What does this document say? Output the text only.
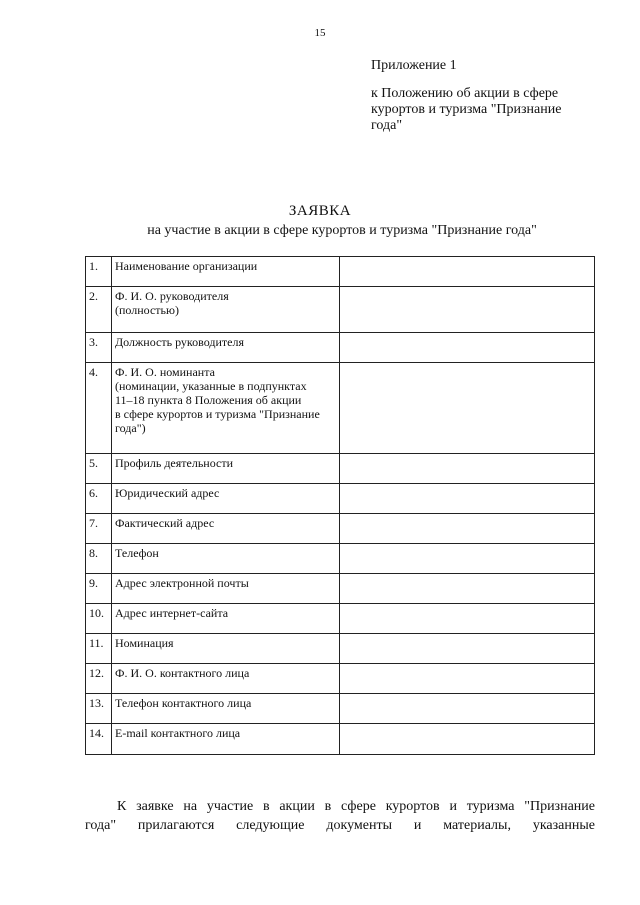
15
Приложение 1
к Положению об акции в сфере
курортов и туризма "Признание
года"
ЗАЯВКА
на участие в акции в сфере курортов и туризма "Признание года"
1.	Наименование организации	

2.	Ф. И. О. руководителя
(полностью)	

3.	Должность руководителя	

4.	Ф. И. О. номинанта
(номинации, указанные в подпунктах
11–18 пункта 8 Положения об акции
в сфере курортов и туризма "Признание
года")	

5.	Профиль деятельности	

6.	Юридический адрес	

7.	Фактический адрес	

8.	Телефон	

9.	Адрес электронной почты	

10.	Адрес интернет-сайта	

11.	Номинация	

12.	Ф. И. О. контактного лица	

13.	Телефон контактного лица	

14.	E-mail контактного лица	

К заявке на участие в акции в сфере курортов и туризма "Признание
года" прилагаются следующие документы и материалы, указанные
